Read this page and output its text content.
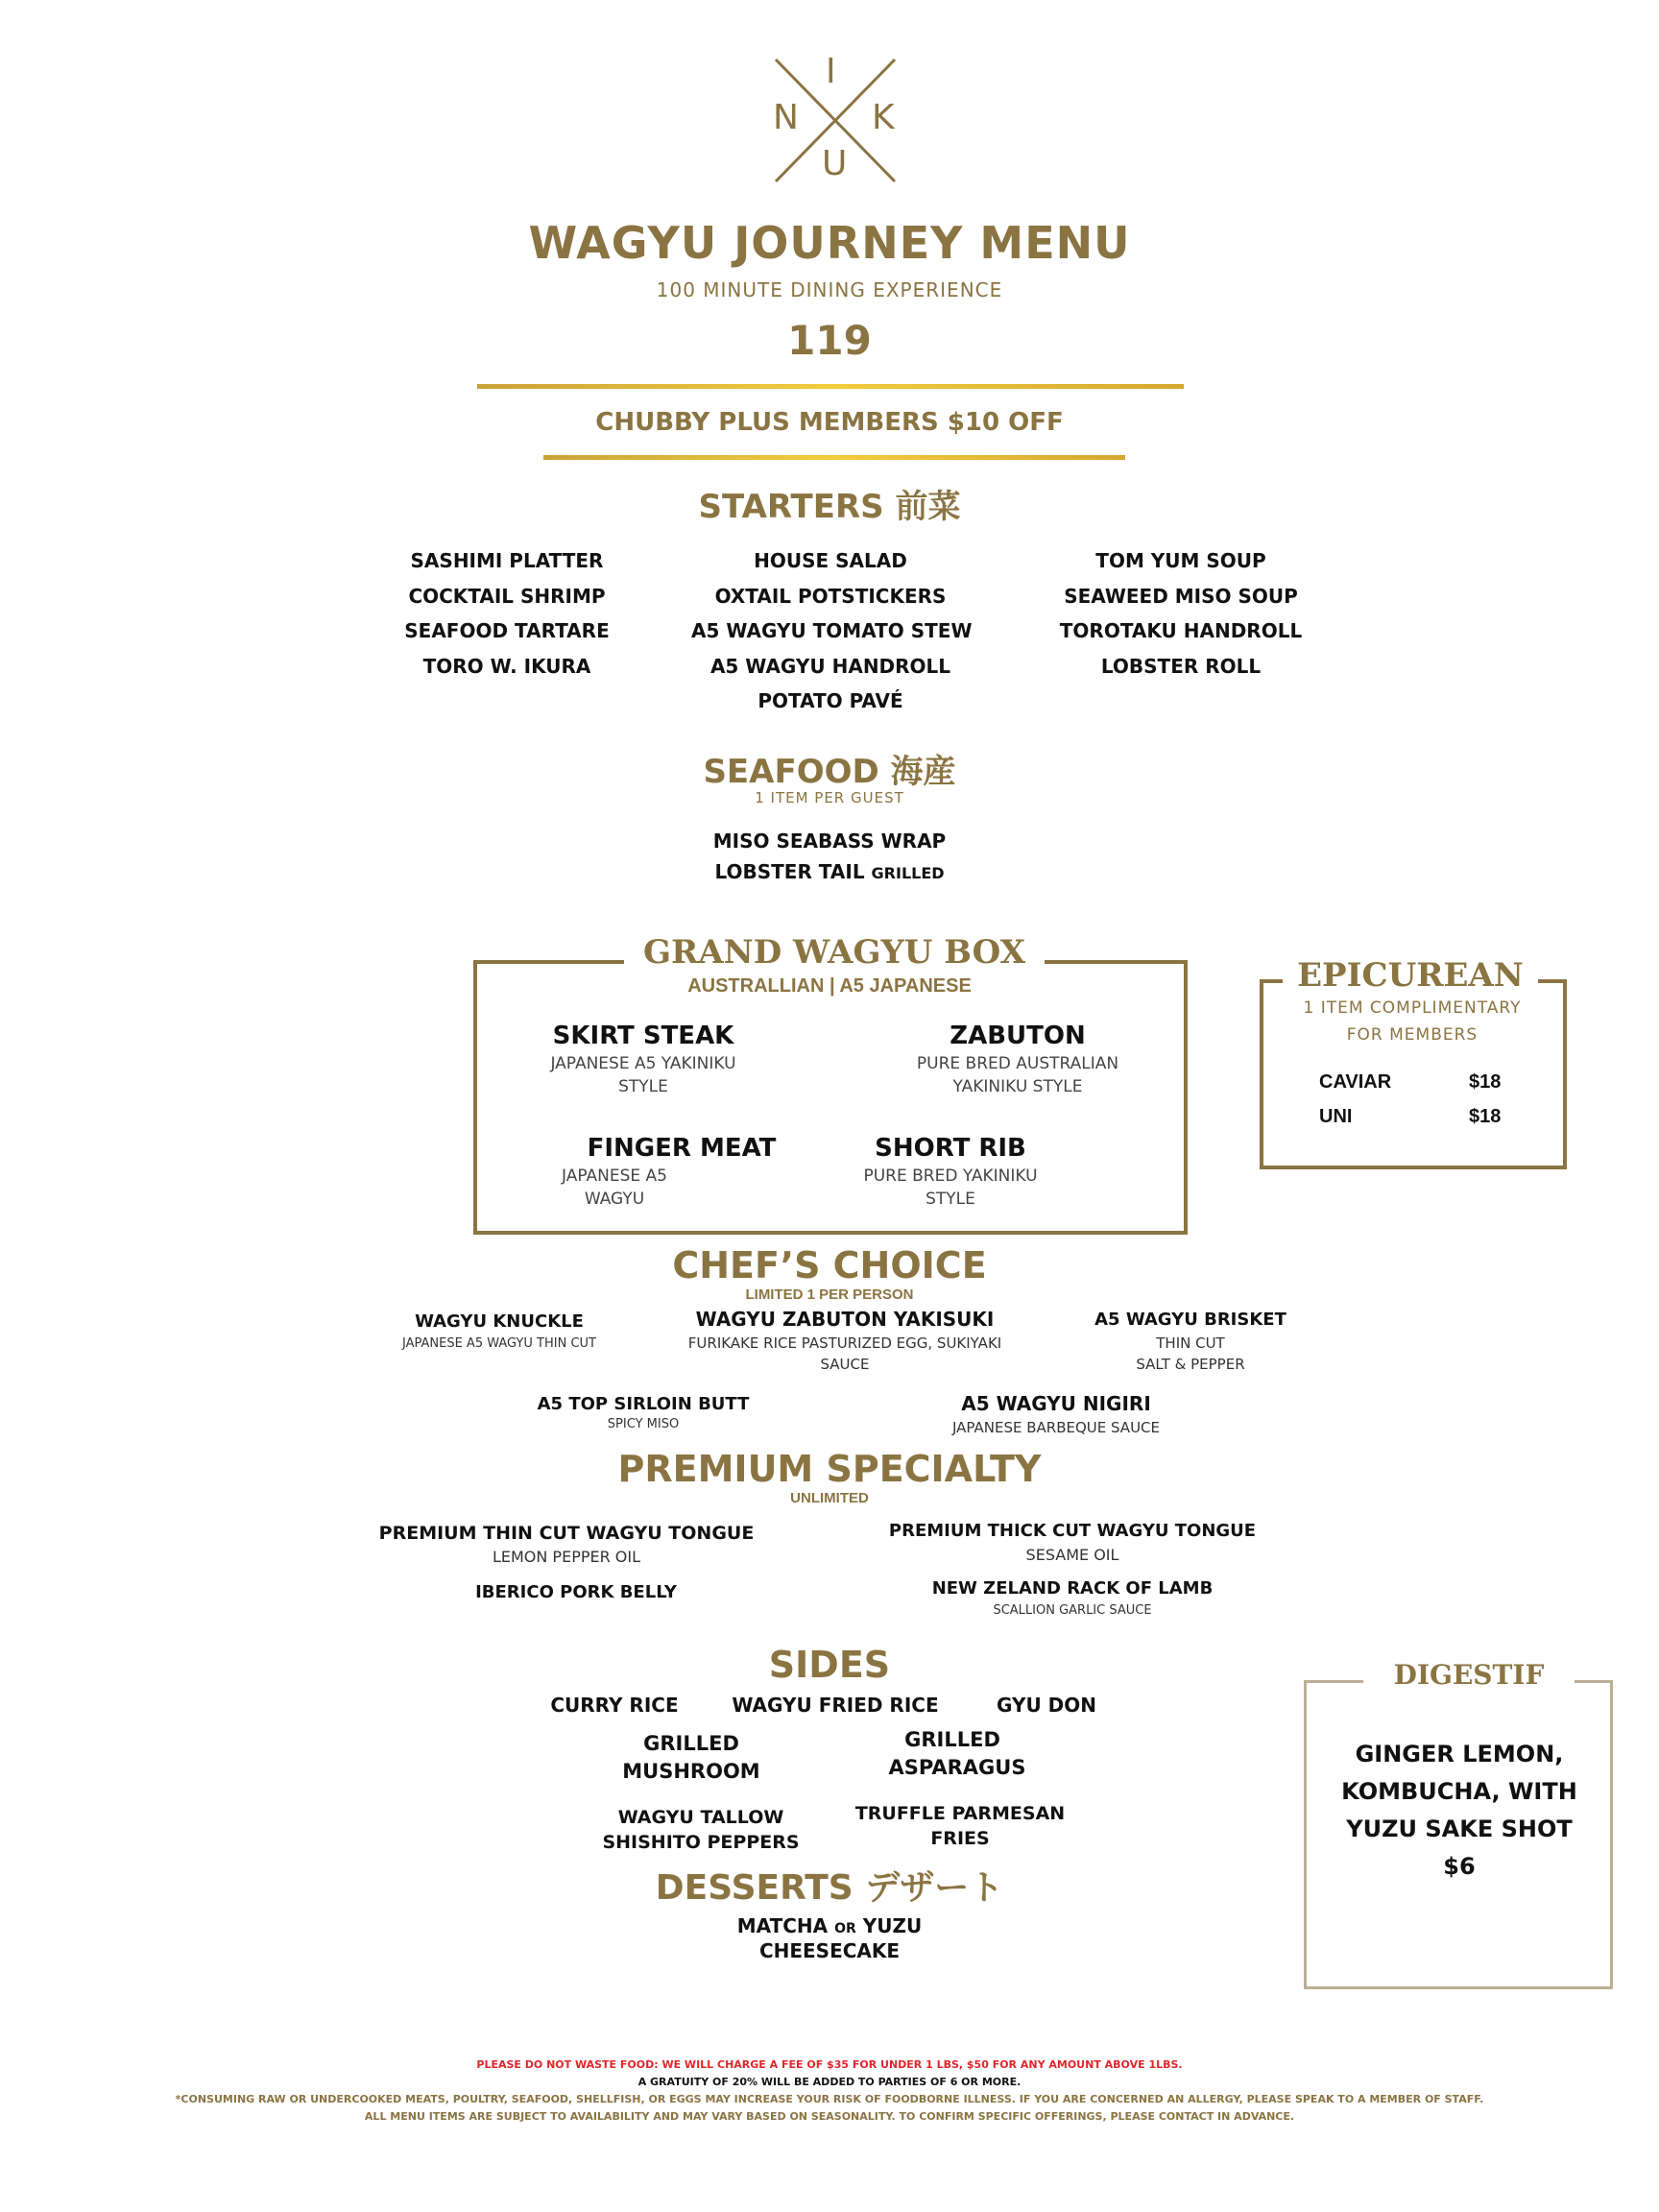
I
N K
U
WAGYU JOURNEY MENU
100 MINUTE DINING EXPERIENCE
119
CHUBBY PLUS MEMBERS $10 OFF
STARTERS 前菜
SASHIMI PLATTER
COCKTAIL SHRIMP
SEAFOOD TARTARE
TORO W. IKURA
HOUSE SALAD
OXTAIL POTSTICKERS
A5 WAGYU TOMATO STEW
A5 WAGYU HANDROLL
POTATO PAVÉ
TOM YUM SOUP
SEAWEED MISO SOUP
TOROTAKU HANDROLL
LOBSTER ROLL
SEAFOOD 海産
1 ITEM PER GUEST
MISO SEABASS WRAP
LOBSTER TAIL GRILLED
GRAND WAGYU BOX
AUSTRALLIAN | A5 JAPANESE
SKIRT STEAK
JAPANESE A5 YAKINIKU
STYLE
ZABUTON
PURE BRED AUSTRALIAN
YAKINIKU STYLE
FINGER MEAT
JAPANESE A5
WAGYU
SHORT RIB
PURE BRED YAKINIKU
STYLE
EPICUREAN
1 ITEM COMPLIMENTARY
FOR MEMBERS
CAVIAR	$18
UNI	$18
CHEF’S CHOICE
LIMITED 1 PER PERSON
WAGYU KNUCKLE
JAPANESE A5 WAGYU THIN CUT
WAGYU ZABUTON YAKISUKI
FURIKAKE RICE PASTURIZED EGG, SUKIYAKI
SAUCE
A5 WAGYU BRISKET
THIN CUT
SALT & PEPPER
A5 TOP SIRLOIN BUTT
SPICY MISO
A5 WAGYU NIGIRI
JAPANESE BARBEQUE SAUCE
PREMIUM SPECIALTY
UNLIMITED
PREMIUM THIN CUT WAGYU TONGUE
LEMON PEPPER OIL
PREMIUM THICK CUT WAGYU TONGUE
SESAME OIL
IBERICO PORK BELLY	NEW ZELAND RACK OF LAMB
SCALLION GARLIC SAUCE
SIDES
CURRY RICE	WAGYU FRIED RICE	GYU DON
GRILLED
MUSHROOM
GRILLED
ASPARAGUS
WAGYU TALLOW
SHISHITO PEPPERS
TRUFFLE PARMESAN
FRIES
DESSERTS デザート
MATCHA OR YUZU
CHEESECAKE
DIGESTIF
GINGER LEMON,
KOMBUCHA, WITH
YUZU SAKE SHOT
$6
PLEASE DO NOT WASTE FOOD: WE WILL CHARGE A FEE OF $35 FOR UNDER 1 LBS, $50 FOR ANY AMOUNT ABOVE 1LBS.
A GRATUITY OF 20% WILL BE ADDED TO PARTIES OF 6 OR MORE.
*CONSUMING RAW OR UNDERCOOKED MEATS, POULTRY, SEAFOOD, SHELLFISH, OR EGGS MAY INCREASE YOUR RISK OF FOODBORNE ILLNESS. IF YOU ARE CONCERNED AN ALLERGY, PLEASE SPEAK TO A MEMBER OF STAFF.
ALL MENU ITEMS ARE SUBJECT TO AVAILABILITY AND MAY VARY BASED ON SEASONALITY. TO CONFIRM SPECIFIC OFFERINGS, PLEASE CONTACT IN ADVANCE.
